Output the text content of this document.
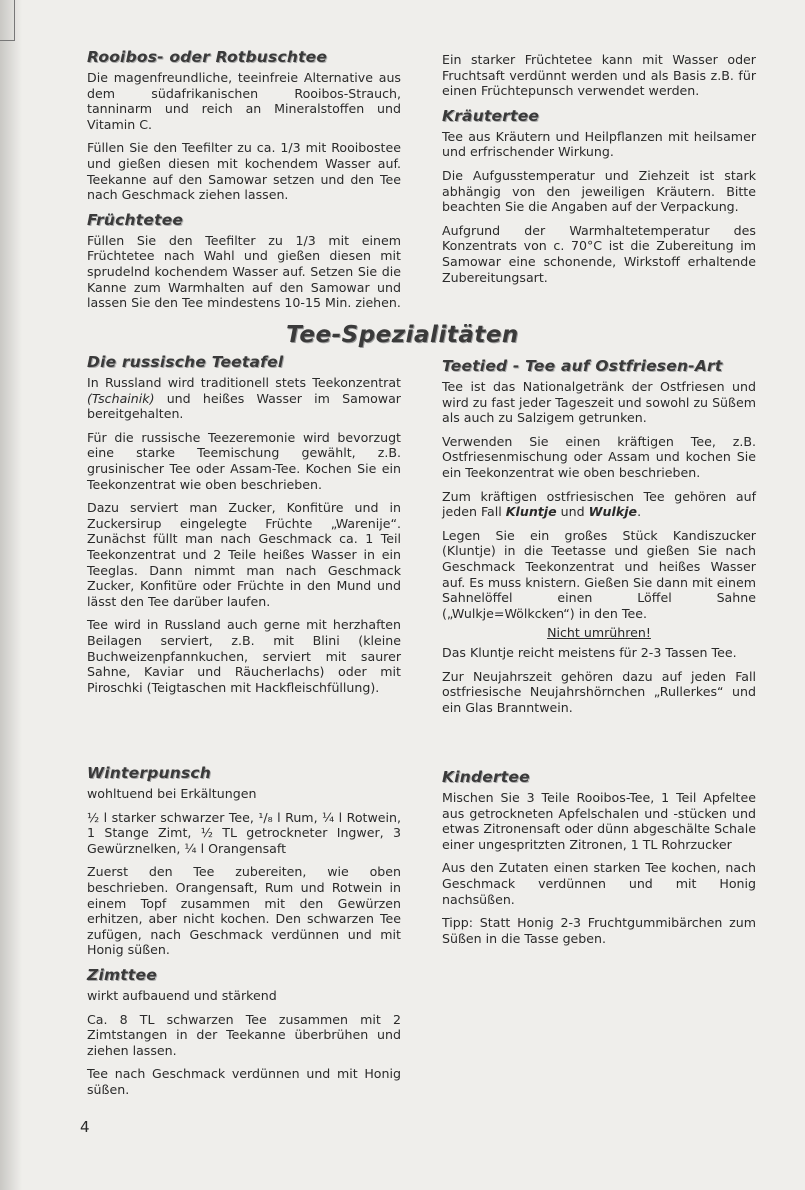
Rooibos- oder Rotbuschtee

Die magenfreundliche, teeinfreie Alternative aus dem südafrikanischen Rooibos-Strauch, tanninarm und reich an Mineralstoffen und Vitamin C.

Füllen Sie den Teefilter zu ca. 1/3 mit Rooibostee und gießen diesen mit kochendem Wasser auf. Teekanne auf den Samowar setzen und den Tee nach Geschmack ziehen lassen.

Früchtetee

Füllen Sie den Teefilter zu 1/3 mit einem Früchtetee nach Wahl und gießen diesen mit sprudelnd kochendem Wasser auf. Setzen Sie die Kanne zum Warmhalten auf den Samowar und lassen Sie den Tee mindestens 10-15 Min. ziehen.

Ein starker Früchtetee kann mit Wasser oder Fruchtsaft verdünnt werden und als Basis z.B. für einen Früchtepunsch verwendet werden.

Kräutertee

Tee aus Kräutern und Heilpflanzen mit heilsamer und erfrischender Wirkung.

Die Aufgusstemperatur und Ziehzeit ist stark abhängig von den jeweiligen Kräutern. Bitte beachten Sie die Angaben auf der Verpackung.

Aufgrund der Warmhaltetemperatur des Konzentrats von c. 70°C ist die Zubereitung im Samowar eine schonende, Wirkstoff erhaltende Zubereitungsart.

Tee-Spezialitäten
Die russische Teetafel

In Russland wird traditionell stets Teekonzentrat (Tschainik) und heißes Wasser im Samowar bereitgehalten.

Für die russische Teezeremonie wird bevorzugt eine starke Teemischung gewählt, z.B. grusinischer Tee oder Assam-Tee. Kochen Sie ein Teekonzentrat wie oben beschrieben.

Dazu serviert man Zucker, Konfitüre und in Zuckersirup eingelegte Früchte „Warenije“. Zunächst füllt man nach Geschmack ca. 1 Teil Teekonzentrat und 2 Teile heißes Wasser in ein Teeglas. Dann nimmt man nach Geschmack Zucker, Konfitüre oder Früchte in den Mund und lässt den Tee darüber laufen.

Tee wird in Russland auch gerne mit herzhaften Beilagen serviert, z.B. mit Blini (kleine Buchweizenpfannkuchen, serviert mit saurer Sahne, Kaviar und Räucherlachs) oder mit Piroschki (Teigtaschen mit Hackfleischfüllung).

Teetied - Tee auf Ostfriesen-Art

Tee ist das Nationalgetränk der Ostfriesen und wird zu fast jeder Tageszeit und sowohl zu Süßem als auch zu Salzigem getrunken.

Verwenden Sie einen kräftigen Tee, z.B. Ostfriesenmischung oder Assam und kochen Sie ein Teekonzentrat wie oben beschrieben.

Zum kräftigen ostfriesischen Tee gehören auf jeden Fall Kluntje und Wulkje.

Legen Sie ein großes Stück Kandiszucker (Kluntje) in die Teetasse und gießen Sie nach Geschmack Teekonzentrat und heißes Wasser auf. Es muss knistern. Gießen Sie dann mit einem Sahnelöffel einen Löffel Sahne („Wulkje=Wölkcken“) in den Tee.

Nicht umrühren!

Das Kluntje reicht meistens für 2-3 Tassen Tee.

Zur Neujahrszeit gehören dazu auf jeden Fall ostfriesische Neujahrshörnchen „Rullerkes“ und ein Glas Branntwein.

Winterpunsch

wohltuend bei Erkältungen

½ l starker schwarzer Tee, ¹/₈ l Rum, ¼ l Rotwein, 1 Stange Zimt, ½ TL getrockneter Ingwer, 3 Gewürznelken, ¼ l Orangensaft

Zuerst den Tee zubereiten, wie oben beschrieben. Orangensaft, Rum und Rotwein in einem Topf zusammen mit den Gewürzen erhitzen, aber nicht kochen. Den schwarzen Tee zufügen, nach Geschmack verdünnen und mit Honig süßen.

Zimttee

wirkt aufbauend und stärkend

Ca. 8 TL schwarzen Tee zusammen mit 2 Zimtstangen in der Teekanne überbrühen und ziehen lassen.

Tee nach Geschmack verdünnen und mit Honig süßen.

Kindertee

Mischen Sie 3 Teile Rooibos-Tee, 1 Teil Apfeltee aus getrockneten Apfelschalen und -stücken und etwas Zitronensaft oder dünn abgeschälte Schale einer ungespritzten Zitronen, 1 TL Rohrzucker

Aus den Zutaten einen starken Tee kochen, nach Geschmack verdünnen und mit Honig nachsüßen.

Tipp: Statt Honig 2-3 Fruchtgummibärchen zum Süßen in die Tasse geben.

4
